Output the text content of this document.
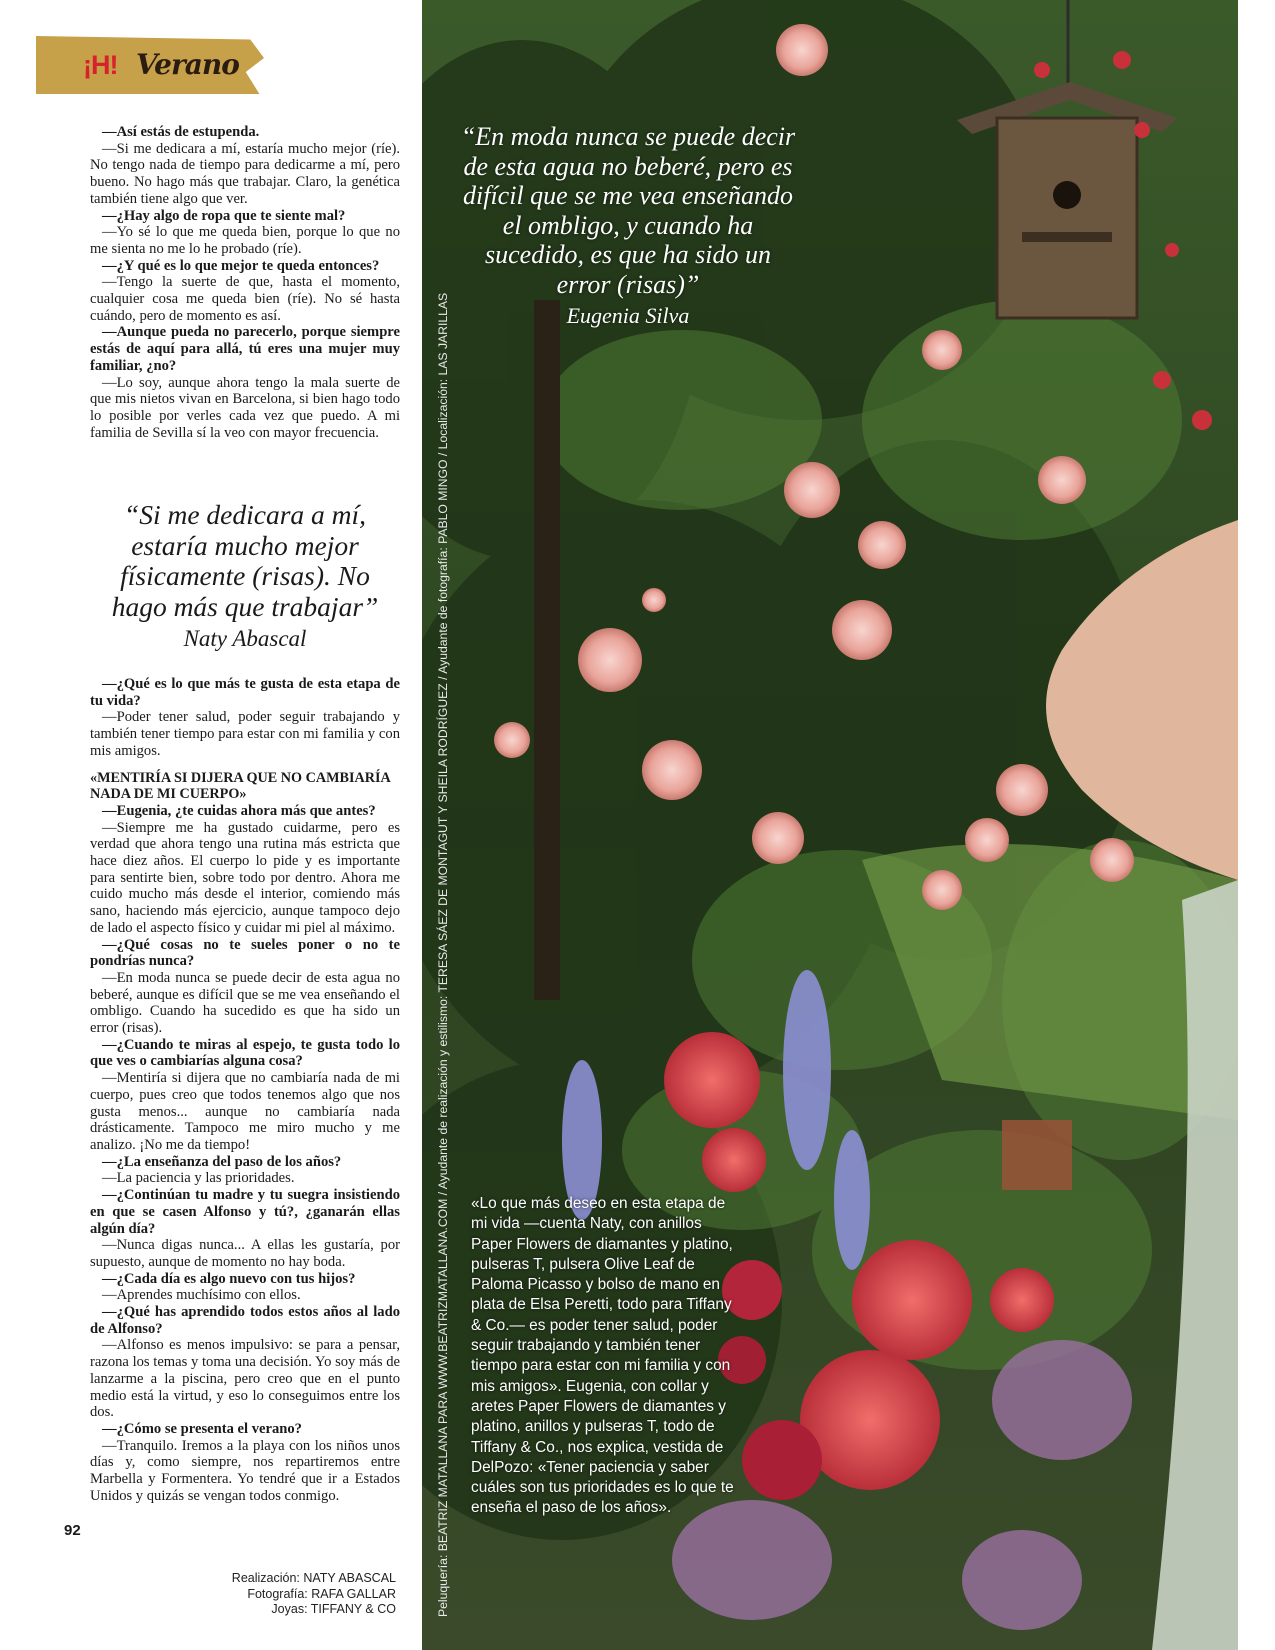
¡H! Verano

—Así estás de estupenda.

—Si me dedicara a mí, estaría mucho mejor (ríe). No tengo nada de tiempo para dedicarme a mí, pero bueno. No hago más que trabajar. Claro, la genética también tiene algo que ver.

—¿Hay algo de ropa que te siente mal?

—Yo sé lo que me queda bien, porque lo que no me sienta no me lo he probado (ríe).

—¿Y qué es lo que mejor te queda entonces?

—Tengo la suerte de que, hasta el momento, cualquier cosa me queda bien (ríe). No sé hasta cuándo, pero de momento es así.

—Aunque pueda no parecerlo, porque siempre estás de aquí para allá, tú eres una mujer muy familiar, ¿no?

—Lo soy, aunque ahora tengo la mala suerte de que mis nietos vivan en Barcelona, si bien hago todo lo posible por verles cada vez que puedo. A mi familia de Sevilla sí la veo con mayor frecuencia.

“Si me dedicara a mí, estaría mucho mejor físicamente (risas). No hago más que trabajar”
Naty Abascal

—¿Qué es lo que más te gusta de esta etapa de tu vida?

—Poder tener salud, poder seguir trabajando y también tener tiempo para estar con mi familia y con mis amigos.

«MENTIRÍA SI DIJERA QUE NO CAMBIARÍA NADA DE MI CUERPO»

—Eugenia, ¿te cuidas ahora más que antes?

—Siempre me ha gustado cuidarme, pero es verdad que ahora tengo una rutina más estricta que hace diez años. El cuerpo lo pide y es importante para sentirte bien, sobre todo por dentro. Ahora me cuido mucho más desde el interior, comiendo más sano, haciendo más ejercicio, aunque tampoco dejo de lado el aspecto físico y cuidar mi piel al máximo.

—¿Qué cosas no te sueles poner o no te pondrías nunca?

—En moda nunca se puede decir de esta agua no beberé, aunque es difícil que se me vea enseñando el ombligo. Cuando ha sucedido es que ha sido un error (risas).

—¿Cuando te miras al espejo, te gusta todo lo que ves o cambiarías alguna cosa?

—Mentiría si dijera que no cambiaría nada de mi cuerpo, pues creo que todos tenemos algo que nos gusta menos... aunque no cambiaría nada drásticamente. Tampoco me miro mucho y me analizo. ¡No me da tiempo!

—¿La enseñanza del paso de los años?

—La paciencia y las prioridades.

—¿Continúan tu madre y tu suegra insistiendo en que se casen Alfonso y tú?, ¿ganarán ellas algún día?

—Nunca digas nunca... A ellas les gustaría, por supuesto, aunque de momento no hay boda.

—¿Cada día es algo nuevo con tus hijos?

—Aprendes muchísimo con ellos.

—¿Qué has aprendido todos estos años al lado de Alfonso?

—Alfonso es menos impulsivo: se para a pensar, razona los temas y toma una decisión. Yo soy más de lanzarme a la piscina, pero creo que en el punto medio está la virtud, y eso lo conseguimos entre los dos.

—¿Cómo se presenta el verano?

—Tranquilo. Iremos a la playa con los niños unos días y, como siempre, nos repartiremos entre Marbella y Formentera. Yo tendré que ir a Estados Unidos y quizás se vengan todos conmigo.

92
Realización: NATY ABASCAL
Fotografía: RAFA GALLAR
Joyas: TIFFANY & CO	Peluquería: BEATRIZ MATALLANA PARA WWW.BEATRIZMATALLANA.COM / Ayudante de realización y estilismo: TERESA SÁEZ DE MONTAGUT Y SHEILA RODRÍGUEZ / Ayudante de fotografía: PABLO MINGO / Localización: LAS JARILLAS
“En moda nunca se puede decir de esta agua no beberé, pero es difícil que se me vea enseñando el ombligo, y cuando ha sucedido, es que ha sido un error (risas)”
Eugenia Silva
«Lo que más deseo en esta etapa de mi vida —cuenta Naty, con anillos Paper Flowers de diamantes y platino, pulseras T, pulsera Olive Leaf de Paloma Picasso y bolso de mano en plata de Elsa Peretti, todo para Tiffany & Co.— es poder tener salud, poder seguir trabajando y también tener tiempo para estar con mi familia y con mis amigos». Eugenia, con collar y aretes Paper Flowers de diamantes y platino, anillos y pulseras T, todo de Tiffany & Co., nos explica, vestida de DelPozo: «Tener paciencia y saber cuáles son tus prioridades es lo que te enseña el paso de los años».
